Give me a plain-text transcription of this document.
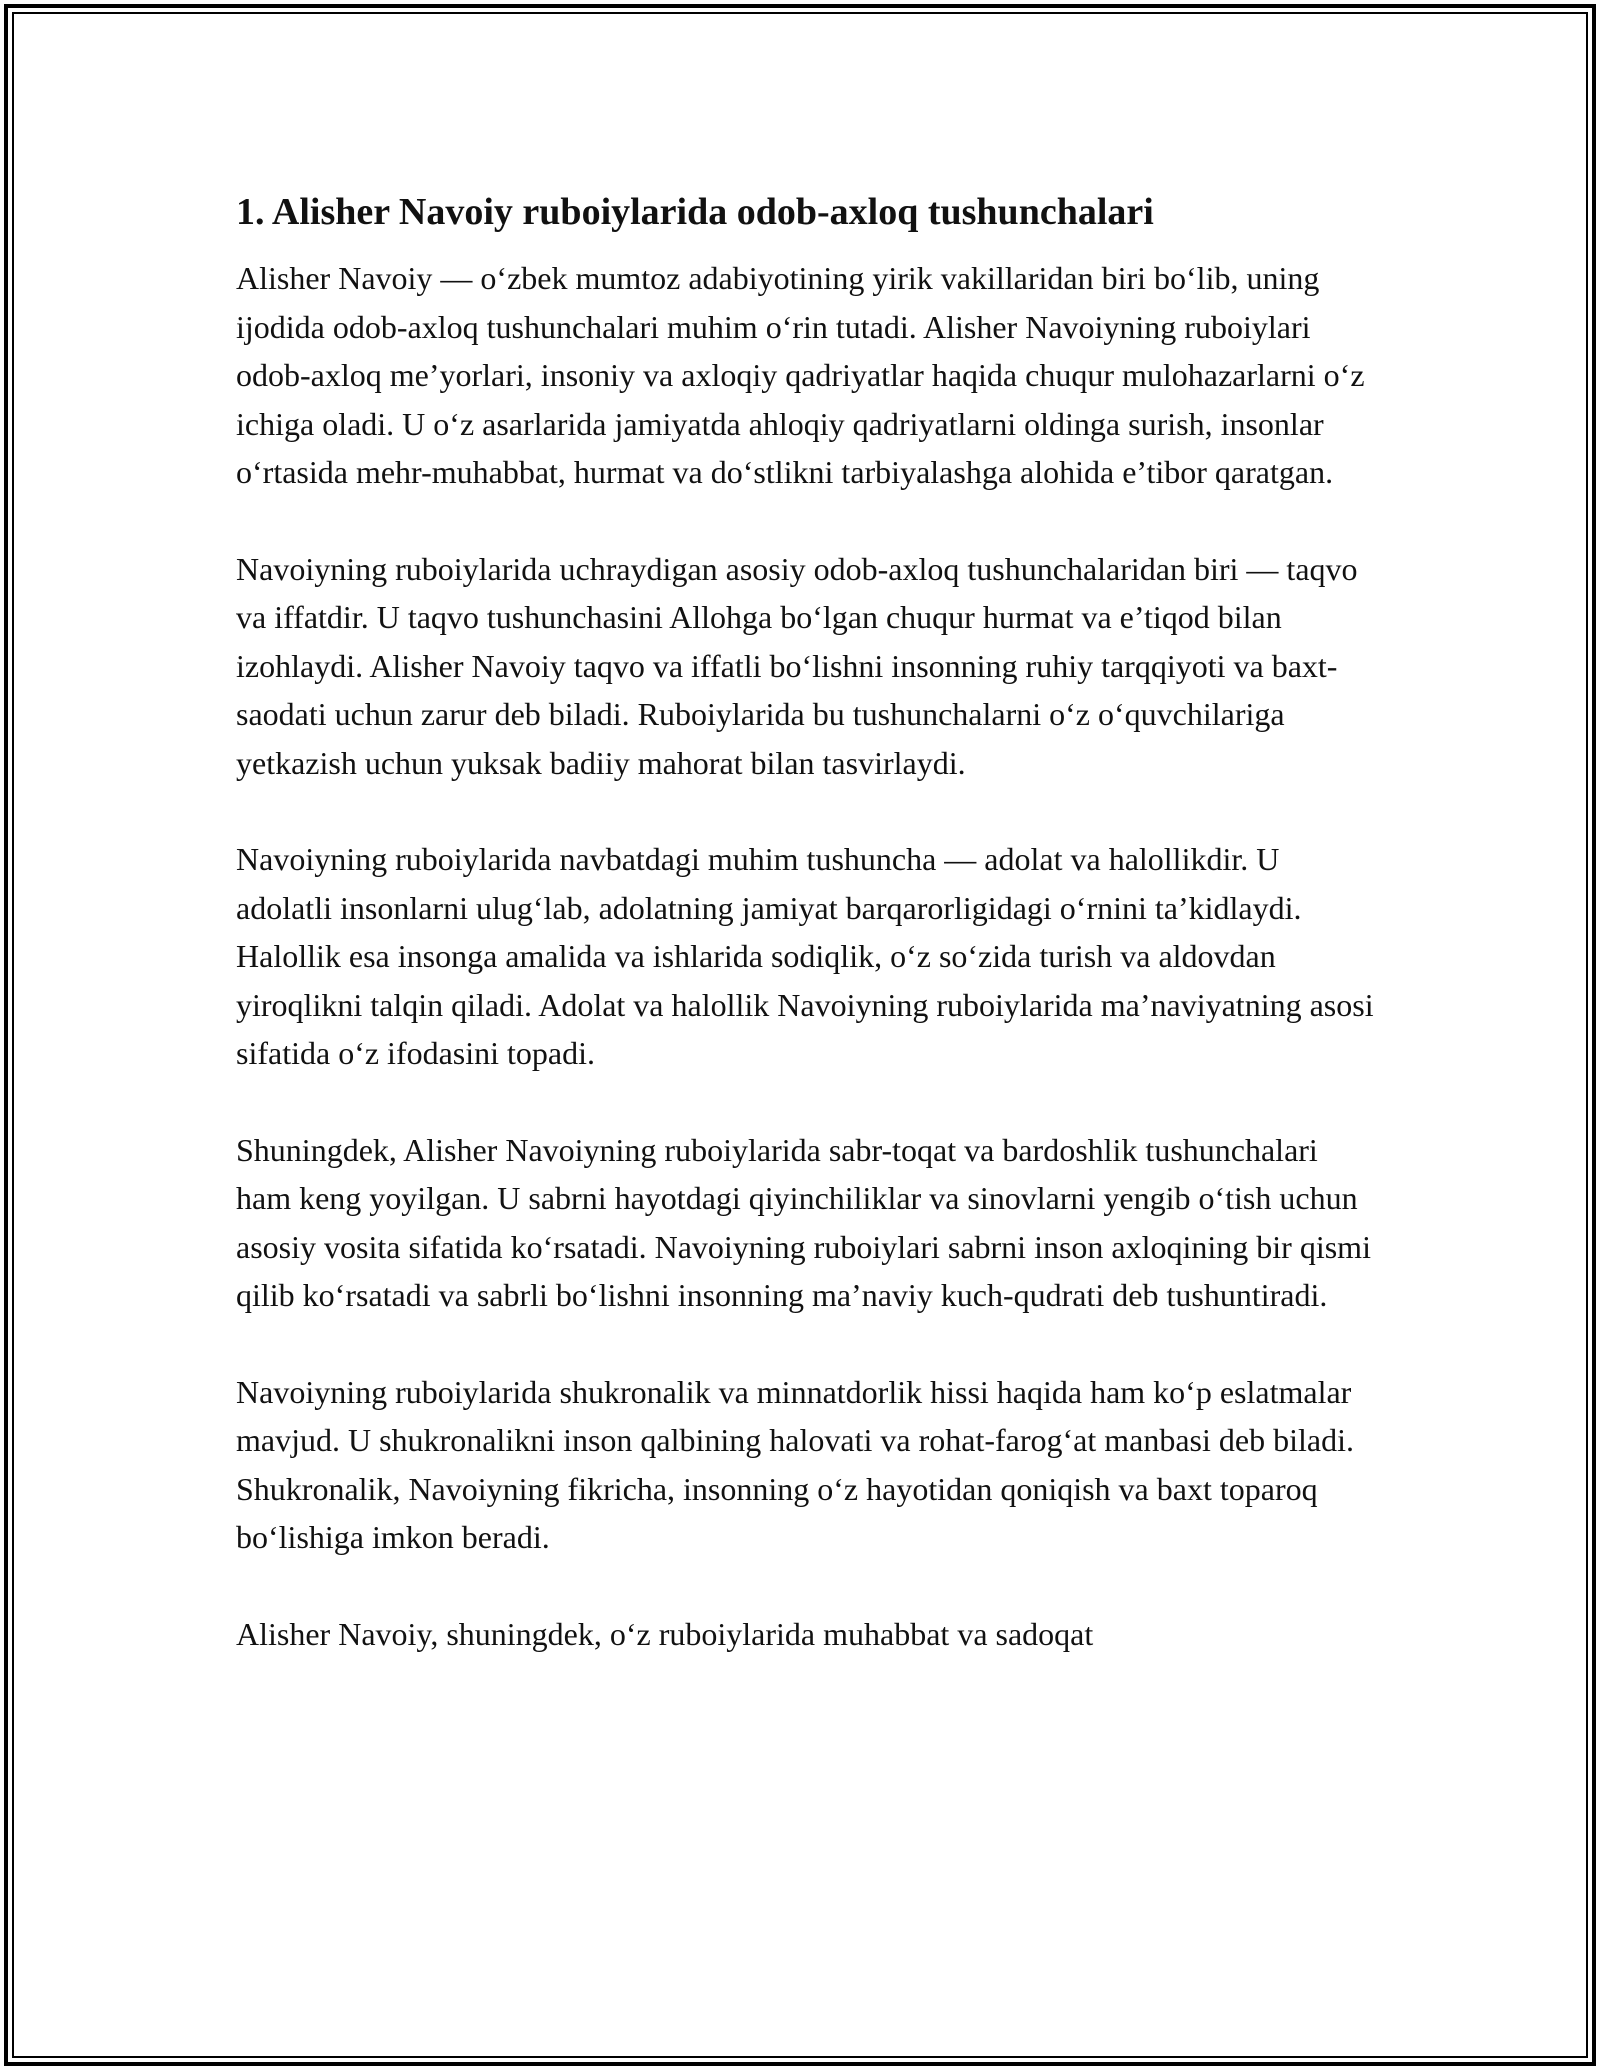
1. Alisher Navoiy ruboiylarida odob-axloq tushunchalari

Alisher Navoiy — o‘zbek mumtoz adabiyotining yirik vakillaridan biri bo‘lib, uning ijodida odob-axloq tushunchalari muhim o‘rin tutadi. Alisher Navoiyning ruboiylari odob-axloq me’yorlari, insoniy va axloqiy qadriyatlar haqida chuqur mulohazarlarni o‘z ichiga oladi. U o‘z asarlarida jamiyatda ahloqiy qadriyatlarni oldinga surish, insonlar o‘rtasida mehr-muhabbat, hurmat va do‘stlikni tarbiyalashga alohida e’tibor qaratgan.

Navoiyning ruboiylarida uchraydigan asosiy odob-axloq tushunchalaridan biri — taqvo va iffatdir. U taqvo tushunchasini Allohga bo‘lgan chuqur hurmat va e’tiqod bilan izohlaydi. Alisher Navoiy taqvo va iffatli bo‘lishni insonning ruhiy tarqqiyoti va baxt-saodati uchun zarur deb biladi. Ruboiylarida bu tushunchalarni o‘z o‘quvchilariga yetkazish uchun yuksak badiiy mahorat bilan tasvirlaydi.

Navoiyning ruboiylarida navbatdagi muhim tushuncha — adolat va halollikdir. U adolatli insonlarni ulug‘lab, adolatning jamiyat barqarorligidagi o‘rnini ta’kidlaydi. Halollik esa insonga amalida va ishlarida sodiqlik, o‘z so‘zida turish va aldovdan yiroqlikni talqin qiladi. Adolat va halollik Navoiyning ruboiylarida ma’naviyatning asosi sifatida o‘z ifodasini topadi.

Shuningdek, Alisher Navoiyning ruboiylarida sabr-toqat va bardoshlik tushunchalari ham keng yoyilgan. U sabrni hayotdagi qiyinchiliklar va sinovlarni yengib o‘tish uchun asosiy vosita sifatida ko‘rsatadi. Navoiyning ruboiylari sabrni inson axloqining bir qismi qilib ko‘rsatadi va sabrli bo‘lishni insonning ma’naviy kuch-qudrati deb tushuntiradi.

Navoiyning ruboiylarida shukronalik va minnatdorlik hissi haqida ham ko‘p eslatmalar mavjud. U shukronalikni inson qalbining halovati va rohat-farog‘at manbasi deb biladi. Shukronalik, Navoiyning fikricha, insonning o‘z hayotidan qoniqish va baxt toparoq bo‘lishiga imkon beradi.

Alisher Navoiy, shuningdek, o‘z ruboiylarida muhabbat va sadoqat
